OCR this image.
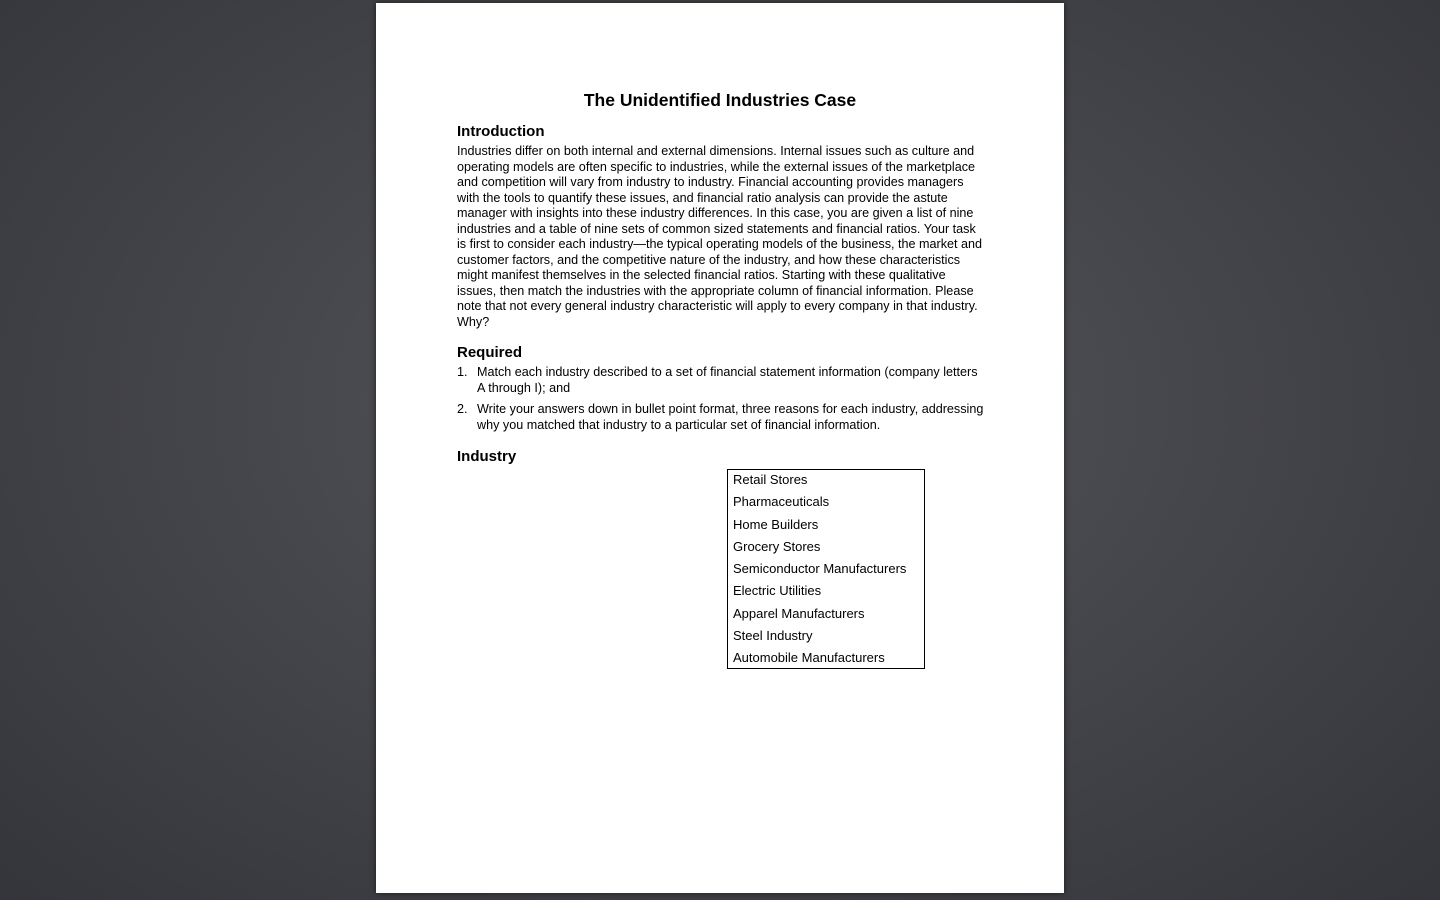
The Unidentified Industries Case
Introduction

Industries differ on both internal and external dimensions. Internal issues such as culture and operating models are often specific to industries, while the external issues of the marketplace and competition will vary from industry to industry. Financial accounting provides managers with the tools to quantify these issues, and financial ratio analysis can provide the astute manager with insights into these industry differences. In this case, you are given a list of nine industries and a table of nine sets of common sized statements and financial ratios. Your task is first to consider each industry—the typical operating models of the business, the market and customer factors, and the competitive nature of the industry, and how these characteristics might manifest themselves in the selected financial ratios. Starting with these qualitative issues, then match the industries with the appropriate column of financial information. Please note that not every general industry characteristic will apply to every company in that industry. Why?

Required
1. Match each industry described to a set of financial statement information (company letters A through I); and
2. Write your answers down in bullet point format, three reasons for each industry, addressing why you matched that industry to a particular set of financial information.
Industry
Retail Stores
Pharmaceuticals
Home Builders
Grocery Stores
Semiconductor Manufacturers
Electric Utilities
Apparel Manufacturers
Steel Industry
Automobile Manufacturers
